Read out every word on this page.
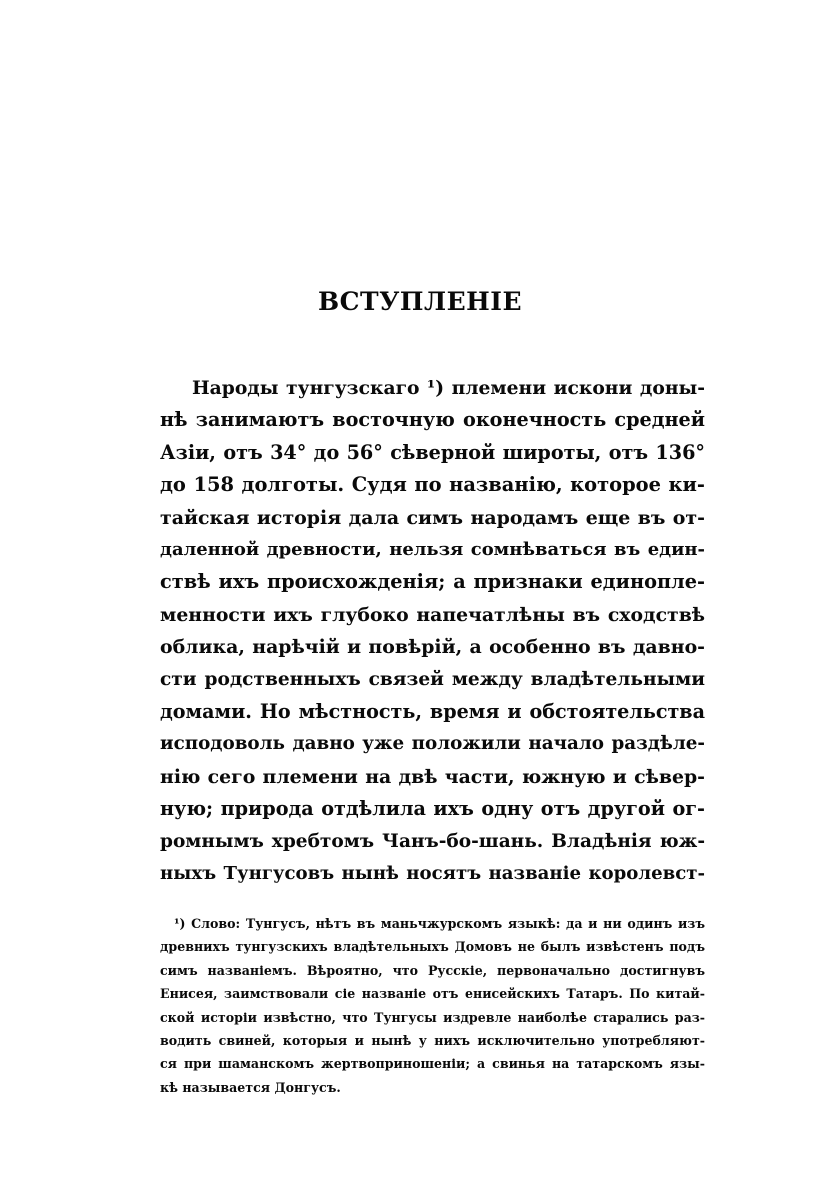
ВСТУПЛЕНІЕ
Народы тунгузскаго ¹) племени искони доны-
нѣ занимаютъ восточную оконечность средней
Азіи, отъ 34° до 56° сѣверной широты, отъ 136°
до 158 долготы. Судя по названію, которое ки-
тайская исторія дала симъ народамъ еще въ от-
даленной древности, нельзя сомнѣваться въ един-
ствѣ ихъ происхожденія; а признаки единопле-
менности ихъ глубоко напечатлѣны въ сходствѣ
облика, нарѣчій и повѣрій, а особенно въ давно-
сти родственныхъ связей между владѣтельными
домами. Но мѣстность, время и обстоятельства
исподоволь давно уже положили начало раздѣле-
нію сего племени на двѣ части, южную и сѣвер-
ную; природа отдѣлила ихъ одну отъ другой ог-
ромнымъ хребтомъ Чанъ-бо-шань. Владѣнія юж-
ныхъ Тунгусовъ нынѣ носятъ названіе королевст-
¹) Слово: Тунгусъ, нѣтъ въ маньчжурскомъ языкѣ: да и ни одинъ изъ
древнихъ тунгузскихъ владѣтельныхъ Домовъ не былъ извѣстенъ подъ
симъ названіемъ. Вѣроятно, что Русскіе, первоначально достигнувъ
Енисея, заимствовали сіе названіе отъ енисейскихъ Татаръ. По китай-
ской исторіи извѣстно, что Тунгусы издревле наиболѣе старались раз-
водить свиней, которыя и нынѣ у нихъ исключительно употребляют-
ся при шаманскомъ жертвоприношеніи; а свинья на татарскомъ язы-
кѣ называется Донгусъ.
